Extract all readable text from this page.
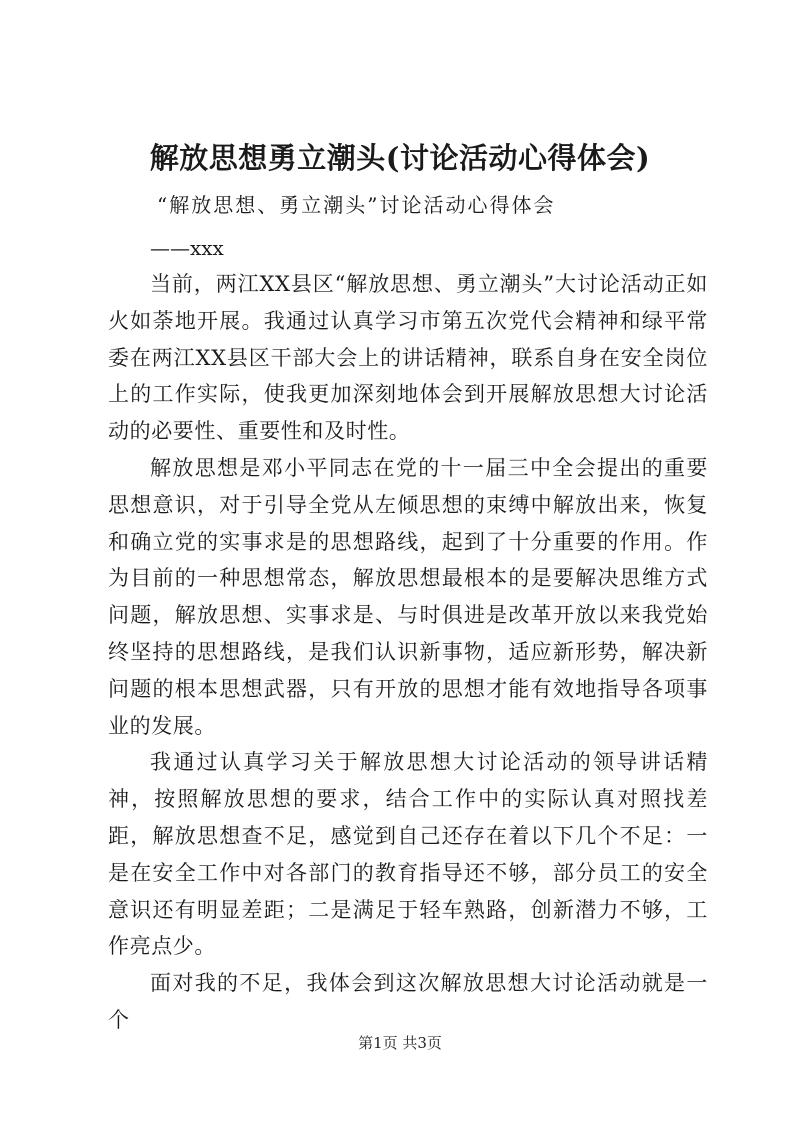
解放思想勇立潮头(讨论活动心得体会)

“解放思想、勇立潮头”讨论活动心得体会

——xxx

当前，两江XX县区“解放思想、勇立潮头”大讨论活动正如火如荼地开展。我通过认真学习市第五次党代会精神和绿平常委在两江XX县区干部大会上的讲话精神，联系自身在安全岗位上的工作实际，使我更加深刻地体会到开展解放思想大讨论活动的必要性、重要性和及时性。

解放思想是邓小平同志在党的十一届三中全会提出的重要思想意识，对于引导全党从左倾思想的束缚中解放出来，恢复和确立党的实事求是的思想路线，起到了十分重要的作用。作为目前的一种思想常态，解放思想最根本的是要解决思维方式问题，解放思想、实事求是、与时俱进是改革开放以来我党始终坚持的思想路线，是我们认识新事物，适应新形势，解决新问题的根本思想武器，只有开放的思想才能有效地指导各项事业的发展。

我通过认真学习关于解放思想大讨论活动的领导讲话精神，按照解放思想的要求，结合工作中的实际认真对照找差距，解放思想查不足，感觉到自己还存在着以下几个不足：一是在安全工作中对各部门的教育指导还不够，部分员工的安全意识还有明显差距；二是满足于轻车熟路，创新潜力不够，工作亮点少。

面对我的不足，我体会到这次解放思想大讨论活动就是一个

第1页 共3页
